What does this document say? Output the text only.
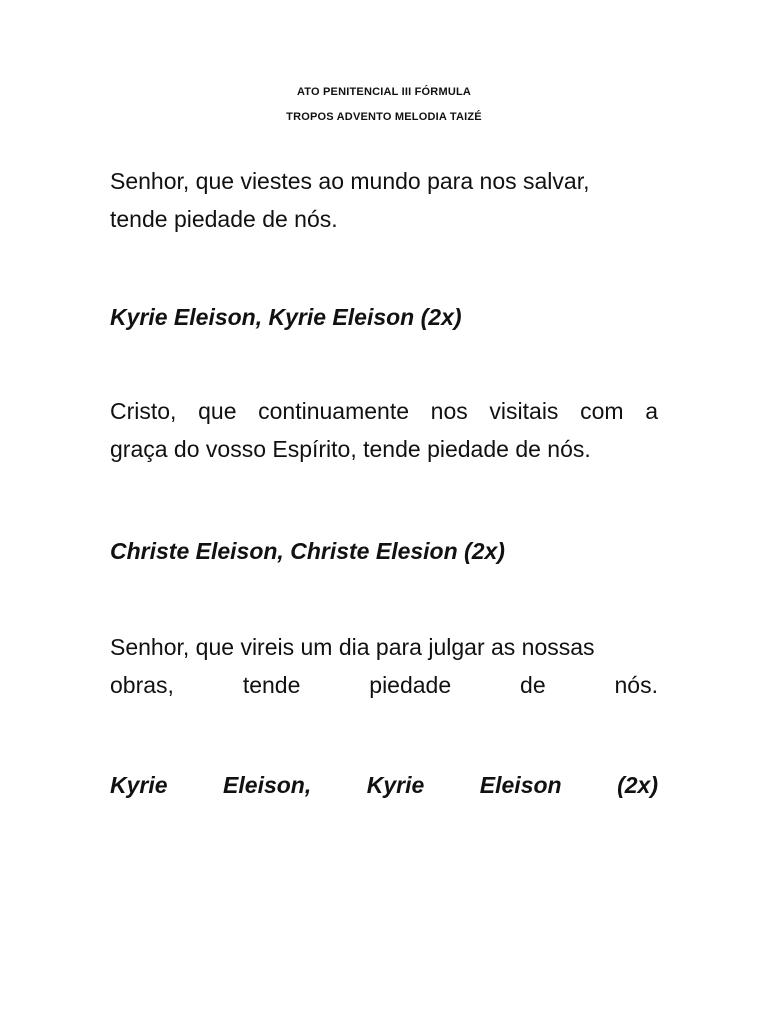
ATO PENITENCIAL III FÓRMULA
TROPOS ADVENTO MELODIA TAIZÉ
Senhor, que viestes ao mundo para nos salvar,
tende piedade de nós.
Kyrie Eleison, Kyrie Eleison (2x)
Cristo, que continuamente nos visitais com a
graça do vosso Espírito, tende piedade de nós.
Christe Eleison, Christe Elesion (2x)
Senhor, que vireis um dia para julgar as nossas
obras, tende piedade de nós.
Kyrie Eleison, Kyrie Eleison (2x)
